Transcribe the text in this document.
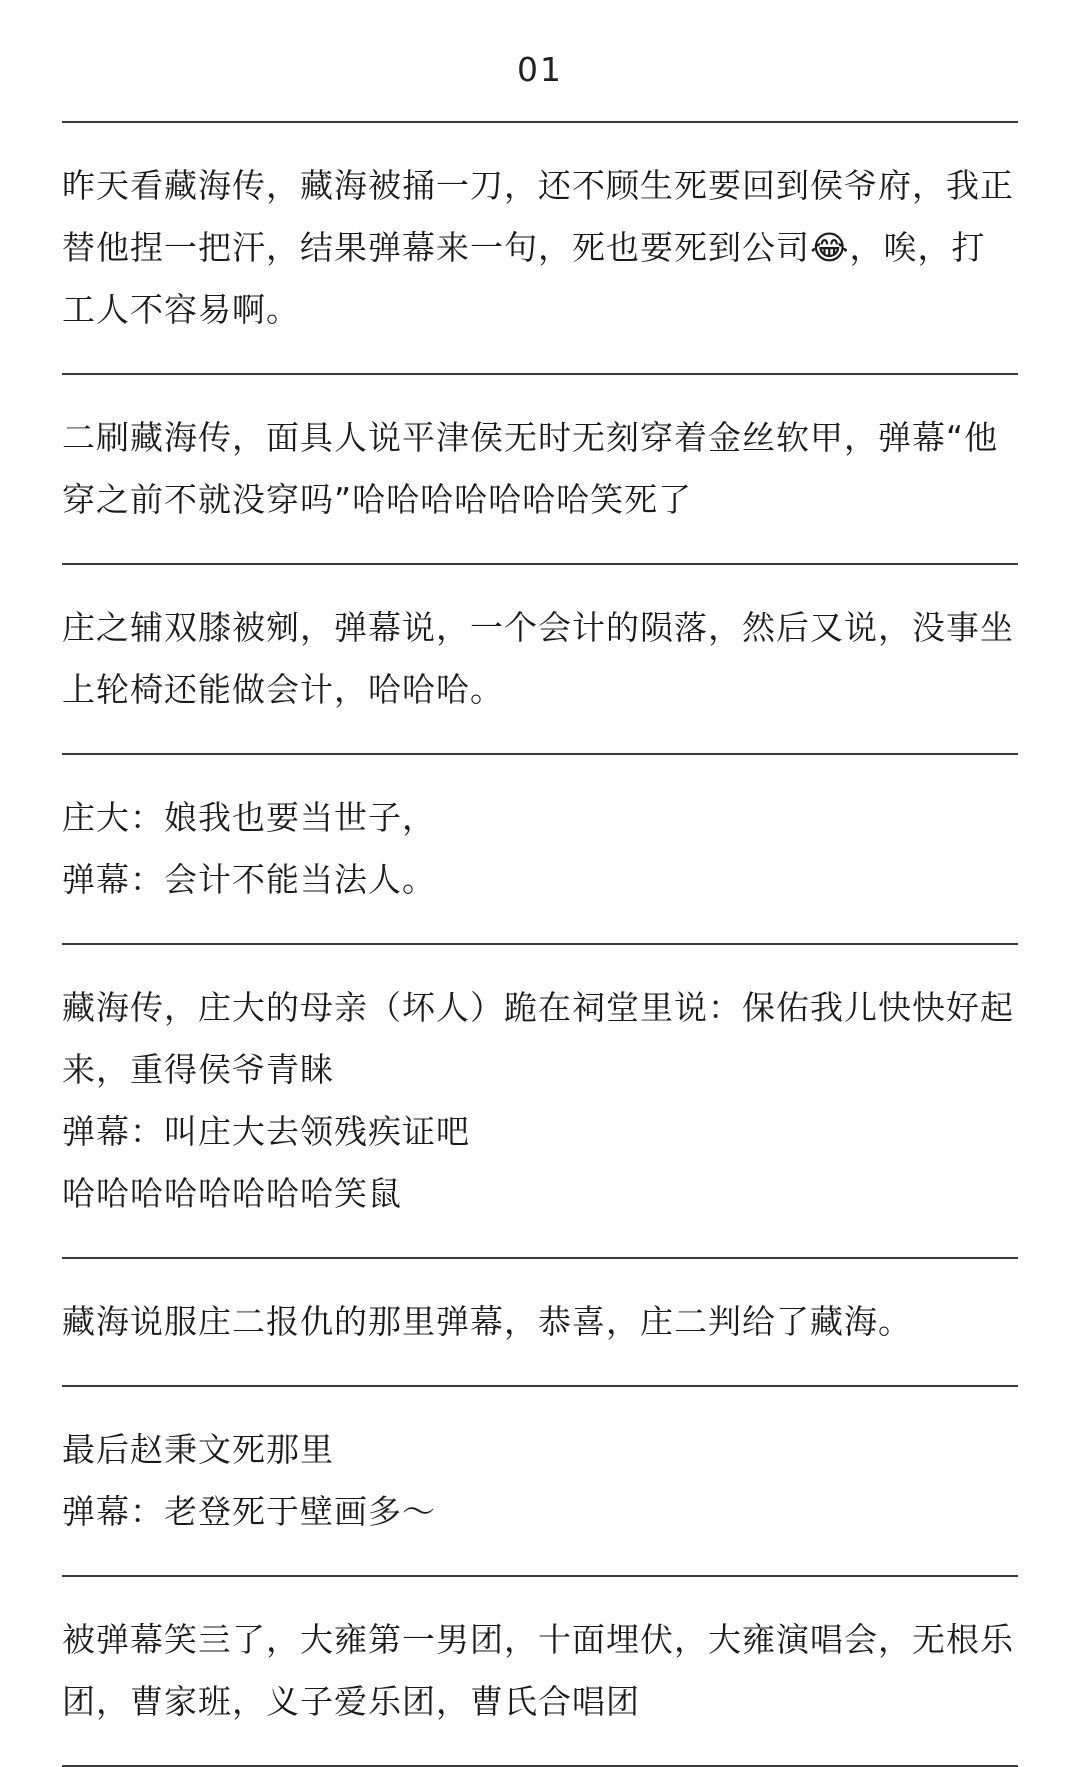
01
昨天看藏海传，藏海被捅一刀，还不顾生死要回到侯爷府，我正替他捏一把汗，结果弹幕来一句，死也要死到公司😂，唉，打工人不容易啊。
二刷藏海传，面具人说平津侯无时无刻穿着金丝软甲，弹幕“他穿之前不就没穿吗”哈哈哈哈哈哈哈笑死了
庄之辅双膝被剜，弹幕说，一个会计的陨落，然后又说，没事坐上轮椅还能做会计，哈哈哈。
庄大：娘我也要当世子，
弹幕：会计不能当法人。
藏海传，庄大的母亲（坏人）跪在祠堂里说：保佑我儿快快好起来，重得侯爷青睐
弹幕：叫庄大去领残疾证吧
哈哈哈哈哈哈哈哈笑鼠
藏海说服庄二报仇的那里弹幕，恭喜，庄二判给了藏海。
最后赵秉文死那里
弹幕：老登死于壁画多～
被弹幕笑亖了，大雍第一男团，十面埋伏，大雍演唱会，无根乐团，曹家班，义子爱乐团，曹氏合唱团
